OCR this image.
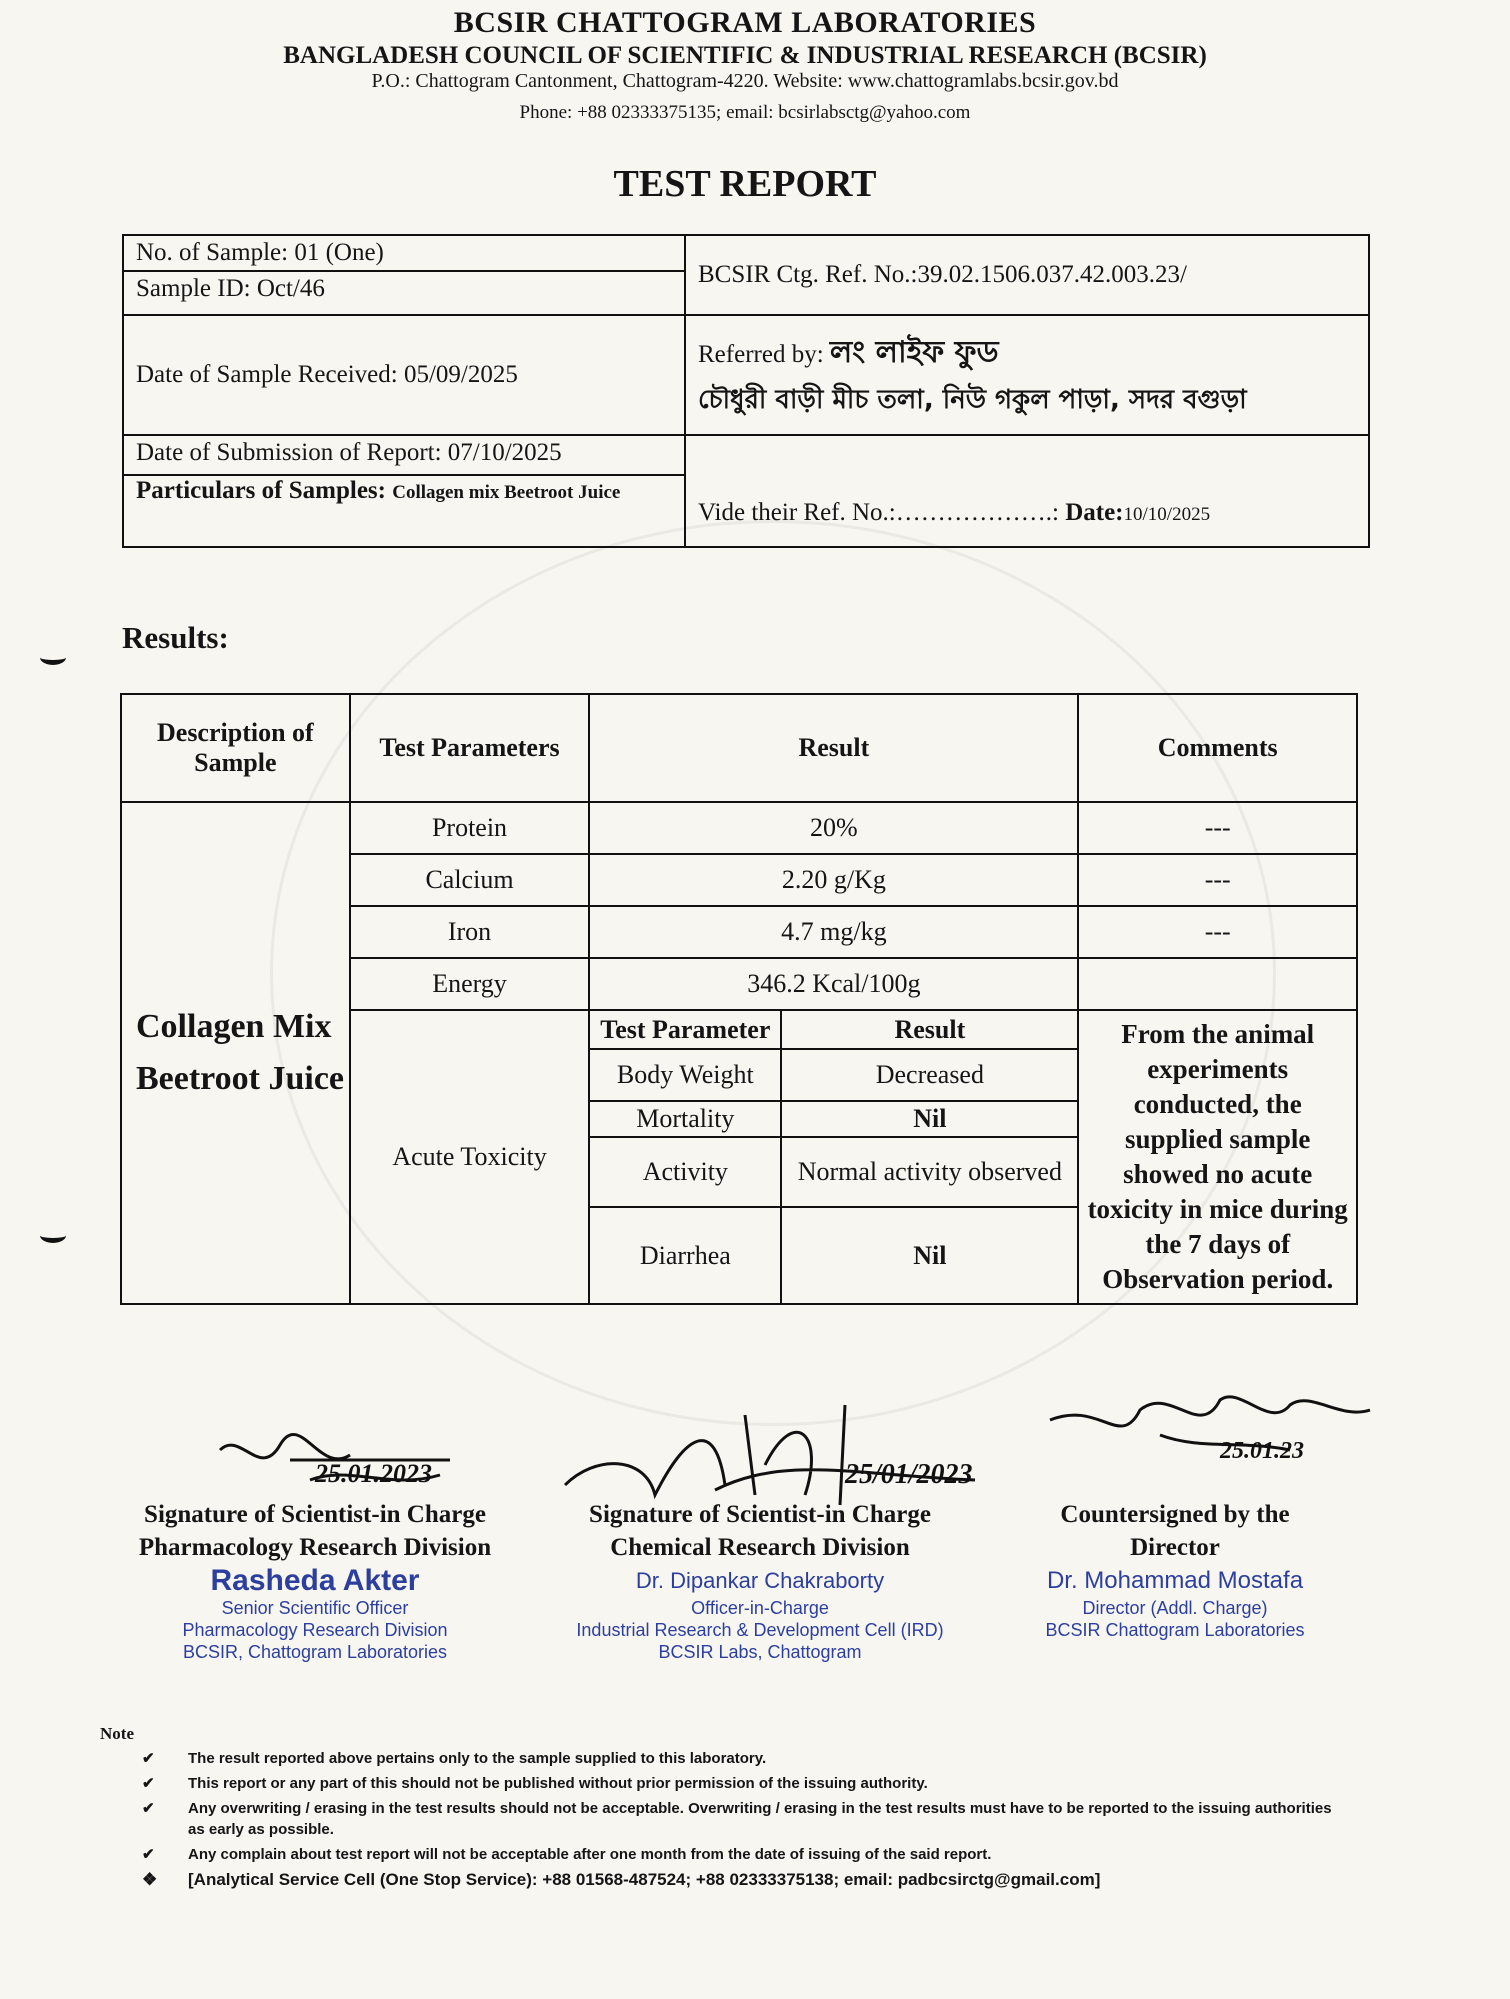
BCSIR CHATTOGRAM LABORATORIES
BANGLADESH COUNCIL OF SCIENTIFIC & INDUSTRIAL RESEARCH (BCSIR)
P.O.: Chattogram Cantonment, Chattogram-4220. Website: www.chattogramlabs.bcsir.gov.bd
Phone: +88 02333375135; email: bcsirlabsctg@yahoo.com
TEST REPORT
No. of Sample: 01 (One)
Sample ID: Oct/46	BCSIR Ctg. Ref. No.:39.02.1506.037.42.003.23/
Date of Sample Received: 05/09/2025	Referred by: লং লাইফ ফুড
চৌধুরী বাড়ী মীচ তলা, নিউ গকুল পাড়া, সদর বগুড়া

Date of Submission of Report: 07/10/2025
Particulars of Samples: Collagen mix Beetroot Juice	Vide their Ref. No.:……………….: Date:10/10/2025
Results:
Description of Sample	Test Parameters	Result	Comments
Collagen Mix Beetroot Juice	Protein	20%	---
Calcium	2.20 g/Kg	---
Iron	4.7 mg/kg	---
Energy	346.2 Kcal/100g	
Acute Toxicity	
Test Parameter	Result
Body Weight	Decreased
Mortality	Nil
Activity	Normal activity observed
Diarrhea	Nil
	From the animal experiments conducted, the supplied sample showed no acute toxicity in mice during the 7 days of Observation period.
25.01.2023	25/01/2023
25.01.23
Signature of Scientist-in Charge
Pharmacology Research Division
Rasheda Akter
Senior Scientific Officer
Pharmacology Research Division
BCSIR, Chattogram Laboratories
Signature of Scientist-in Charge
Chemical Research Division
Dr. Dipankar Chakraborty
Officer-in-Charge
Industrial Research & Development Cell (IRD)
BCSIR Labs, Chattogram
Countersigned by the
Director
Dr. Mohammad Mostafa
Director (Addl. Charge)
BCSIR Chattogram Laboratories
Note
✔	The result reported above pertains only to the sample supplied to this laboratory.
✔	This report or any part of this should not be published without prior permission of the issuing authority.
✔	Any overwriting / erasing in the test results should not be acceptable. Overwriting / erasing in the test results must have to be reported to the issuing authorities as early as possible.
✔	Any complain about test report will not be acceptable after one month from the date of issuing of the said report.
❖	[Analytical Service Cell (One Stop Service): +88 01568-487524; +88 02333375138; email: padbcsirctg@gmail.com]
